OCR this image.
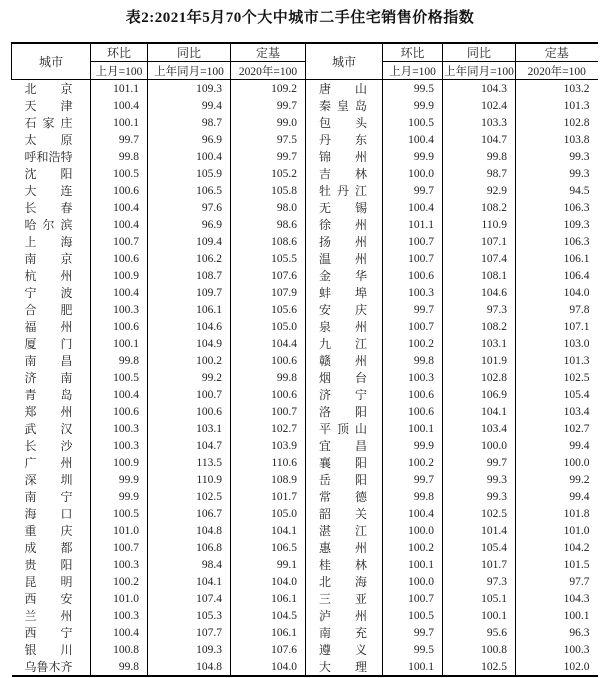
表2:2021年5月70个大中城市二手住宅销售价格指数
城市	环比	同比	定基	城市	环比	同比	定基
	上月=100	上年同月=100	2020年=100		上月=100	上年同月=100	2020年=100
北京	101.1	109.3	109.2	唐山	99.5	104.3	103.2
天津	100.4	99.4	99.7	秦皇岛	99.9	102.4	101.3
石家庄	100.1	98.7	99.0	包头	100.5	103.3	102.8
太原	99.7	96.9	97.5	丹东	100.4	104.7	103.8
呼和浩特	99.8	100.4	99.7	锦州	99.9	99.8	99.3
沈阳	100.5	105.9	105.2	吉林	100.0	98.7	99.3
大连	100.6	106.5	105.8	牡丹江	99.7	92.9	94.5
长春	100.4	97.6	98.0	无锡	100.4	108.2	106.3
哈尔滨	100.4	96.9	98.6	徐州	101.1	110.9	109.3
上海	100.7	109.4	108.6	扬州	100.7	107.1	106.3
南京	100.6	106.2	105.5	温州	100.7	107.4	106.1
杭州	100.9	108.7	107.6	金华	100.6	108.1	106.4
宁波	100.4	109.7	107.9	蚌埠	100.3	104.6	104.0
合肥	100.3	106.1	105.6	安庆	99.7	97.3	97.8
福州	100.6	104.6	105.0	泉州	100.7	108.2	107.1
厦门	100.1	104.9	104.4	九江	100.2	103.1	103.0
南昌	99.8	100.2	100.6	赣州	99.8	101.9	101.3
济南	100.5	99.2	99.8	烟台	100.3	102.8	102.5
青岛	100.4	100.7	100.6	济宁	100.6	106.9	105.4
郑州	100.6	100.6	100.7	洛阳	100.6	104.1	103.4
武汉	100.3	103.1	102.7	平顶山	100.1	103.4	102.7
长沙	100.3	104.7	103.9	宜昌	99.9	100.0	99.4
广州	100.9	113.5	110.6	襄阳	100.2	99.7	100.0
深圳	99.9	110.9	108.9	岳阳	99.7	99.3	99.2
南宁	99.9	102.5	101.7	常德	99.8	99.3	99.4
海口	100.5	106.7	105.0	韶关	100.4	102.5	101.8
重庆	101.0	104.8	104.1	湛江	100.0	101.4	101.0
成都	100.7	106.8	106.5	惠州	100.2	105.4	104.2
贵阳	100.3	98.4	99.1	桂林	100.1	101.7	101.5
昆明	100.2	104.1	104.0	北海	100.0	97.3	97.7
西安	101.0	107.4	106.1	三亚	100.7	105.1	104.3
兰州	100.3	105.3	104.5	泸州	100.5	100.1	100.1
西宁	100.4	107.7	106.1	南充	99.7	95.6	96.3
银川	100.8	109.3	107.6	遵义	99.5	100.8	100.3
乌鲁木齐	99.8	104.8	104.0	大理	100.1	102.5	102.0
